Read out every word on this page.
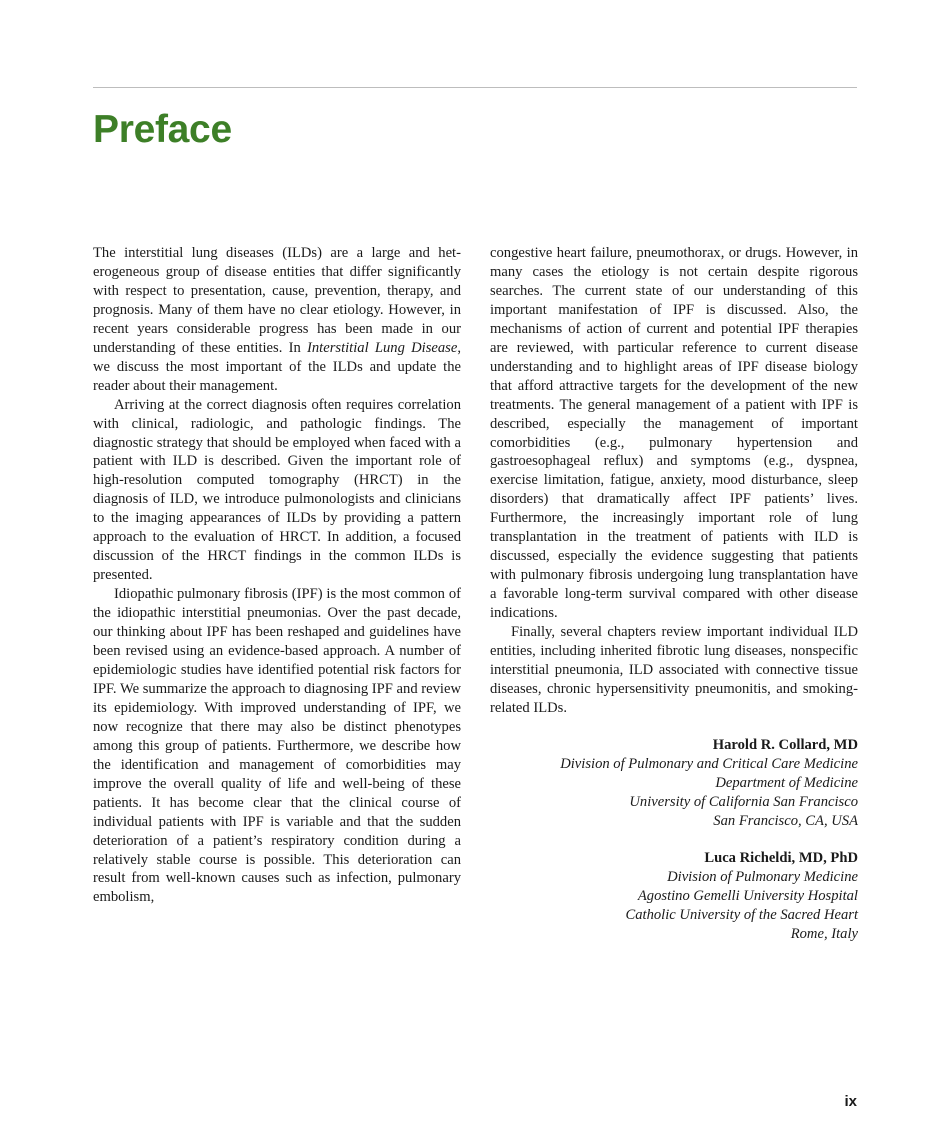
Preface

The interstitial lung diseases (ILDs) are a large and heterogeneous group of disease entities that differ significantly with respect to presentation, cause, prevention, therapy, and prognosis. Many of them have no clear etiology. However, in recent years considerable progress has been made in our understanding of these entities. In Interstitial Lung Disease, we discuss the most important of the ILDs and update the reader about their management.

Arriving at the correct diagnosis often requires correlation with clinical, radiologic, and pathologic findings. The diagnostic strategy that should be employed when faced with a patient with ILD is described. Given the important role of high-resolution computed tomography (HRCT) in the diagnosis of ILD, we introduce pulmonologists and clinicians to the imaging appearances of ILDs by providing a pattern approach to the evaluation of HRCT. In addition, a focused discussion of the HRCT findings in the common ILDs is presented.

Idiopathic pulmonary fibrosis (IPF) is the most common of the idiopathic interstitial pneumonias. Over the past decade, our thinking about IPF has been reshaped and guidelines have been revised using an evidence-based approach. A number of epidemiologic studies have identified potential risk factors for IPF. We summarize the approach to diagnosing IPF and review its epidemiology. With improved understanding of IPF, we now recognize that there may also be distinct phenotypes among this group of patients. Furthermore, we describe how the identification and management of comorbidities may improve the overall quality of life and well-being of these patients. It has become clear that the clinical course of individual patients with IPF is variable and that the sudden deterioration of a patient’s respiratory condition during a relatively stable course is possible. This deterioration can result from well-known causes such as infection, pulmonary embolism,

congestive heart failure, pneumothorax, or drugs. However, in many cases the etiology is not certain despite rigorous searches. The current state of our understanding of this important manifestation of IPF is discussed. Also, the mechanisms of action of current and potential IPF therapies are reviewed, with particular reference to current disease understanding and to highlight areas of IPF disease biology that afford attractive targets for the development of the new treatments. The general management of a patient with IPF is described, especially the management of important comorbidities (e.g., pulmonary hypertension and gastroesophageal reflux) and symptoms (e.g., dyspnea, exercise limitation, fatigue, anxiety, mood disturbance, sleep disorders) that dramatically affect IPF patients’ lives. Furthermore, the increasingly important role of lung transplantation in the treatment of patients with ILD is discussed, especially the evidence suggesting that patients with pulmonary fibrosis undergoing lung transplantation have a favorable long-term survival compared with other disease indications.

Finally, several chapters review important individual ILD entities, including inherited fibrotic lung diseases, nonspecific interstitial pneumonia, ILD associated with connective tissue diseases, chronic hypersensitivity pneumonitis, and smoking-related ILDs.

Harold R. Collard, MD
Division of Pulmonary and Critical Care Medicine
Department of Medicine
University of California San Francisco
San Francisco, CA, USA
Luca Richeldi, MD, PhD
Division of Pulmonary Medicine
Agostino Gemelli University Hospital
Catholic University of the Sacred Heart
Rome, Italy
ix
